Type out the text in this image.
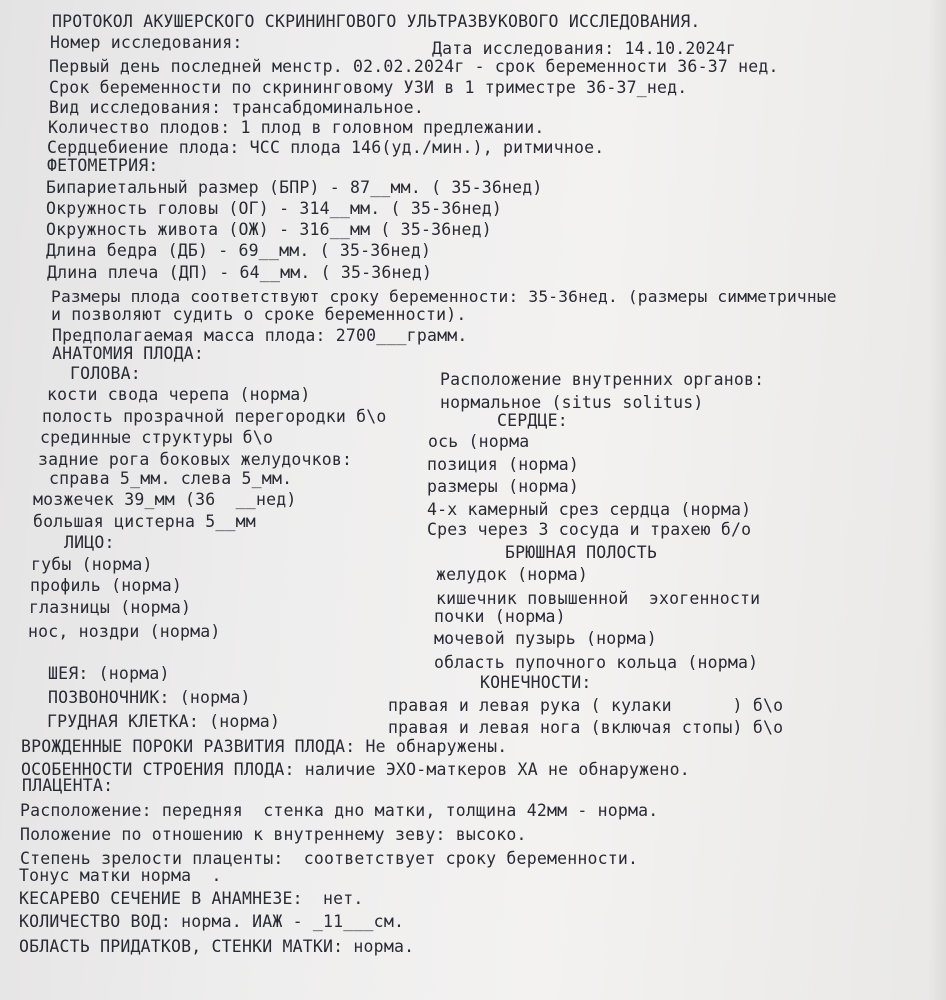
ПРОТОКОЛ АКУШЕРСКОГО СКРИНИНГОВОГО УЛЬТРАЗВУКОВОГО ИССЛЕДОВАНИЯ.
Номер исследования:	Дата исследования: 14.10.2024г
Первый день последней менстр. 02.02.2024г - срок беременности 36-37 нед.
Срок беременности по скрининговому УЗИ в 1 триместре 36-37_нед.
Вид исследования: трансабдоминальное.
Количество плодов: 1 плод в головном предлежании.
Сердцебиение плода: ЧСС плода 146(уд./мин.), ритмичное.
ФЕТОМЕТРИЯ:
Бипариетальный размер (БПР) - 87__мм. ( 35-36нед)
Окружность головы (ОГ) - 314__мм. ( 35-36нед)
Окружность живота (ОЖ) - 316__мм ( 35-36нед)
Длина бедра (ДБ) - 69__мм. ( 35-36нед)
Длина плеча (ДП) - 64__мм. ( 35-36нед)
Размеры плода соответствуют сроку беременности: 35-36нед. (размеры симметричные
и позволяют судить о сроке беременности).
Предполагаемая масса плода: 2700___грамм.
АНАТОМИЯ ПЛОДА:
ГОЛОВА:
кости свода черепа (норма)
полость прозрачной перегородки б\о
срединные структуры б\о
задние рога боковых желудочков:
справа 5_мм. слева 5_мм.
мозжечек 39_мм (36  __нед)
большая цистерна 5__мм
ЛИЦО:
губы (норма)
профиль (норма)
глазницы (норма)
нос, ноздри (норма)
ШЕЯ: (норма)
ПОЗВОНОЧНИК: (норма)
ГРУДНАЯ КЛЕТКА: (норма)
Расположение внутренних органов:
нормальное (situs solitus)
СЕРДЦЕ:
ось (норма
позиция (норма)
размеры (норма)
4-х камерный срез сердца (норма)
Срез через 3 сосуда и трахею б/о
БРЮШНАЯ ПОЛОСТЬ
желудок (норма)
кишечник повышенной  эхогенности
почки (норма)
мочевой пузырь (норма)
область пупочного кольца (норма)
КОНЕЧНОСТИ:
правая и левая рука ( кулаки      ) б\о
правая и левая нога (включая стопы) б\о
ВРОЖДЕННЫЕ ПОРОКИ РАЗВИТИЯ ПЛОДА: Не обнаружены.
ОСОБЕННОСТИ СТРОЕНИЯ ПЛОДА: наличие ЭХО-маткеров ХА не обнаружено.
ПЛАЦЕНТА:
Расположение: передняя  стенка дно матки, толщина 42мм - норма.
Положение по отношению к внутреннему зеву: высоко.
Степень зрелости плаценты:  соответствует сроку беременности.
Тонус матки норма  .
КЕСАРЕВО СЕЧЕНИЕ В АНАМНЕЗЕ:  нет.
КОЛИЧЕСТВО ВОД: норма. ИАЖ - _11___см.
ОБЛАСТЬ ПРИДАТКОВ, СТЕНКИ МАТКИ: норма.
